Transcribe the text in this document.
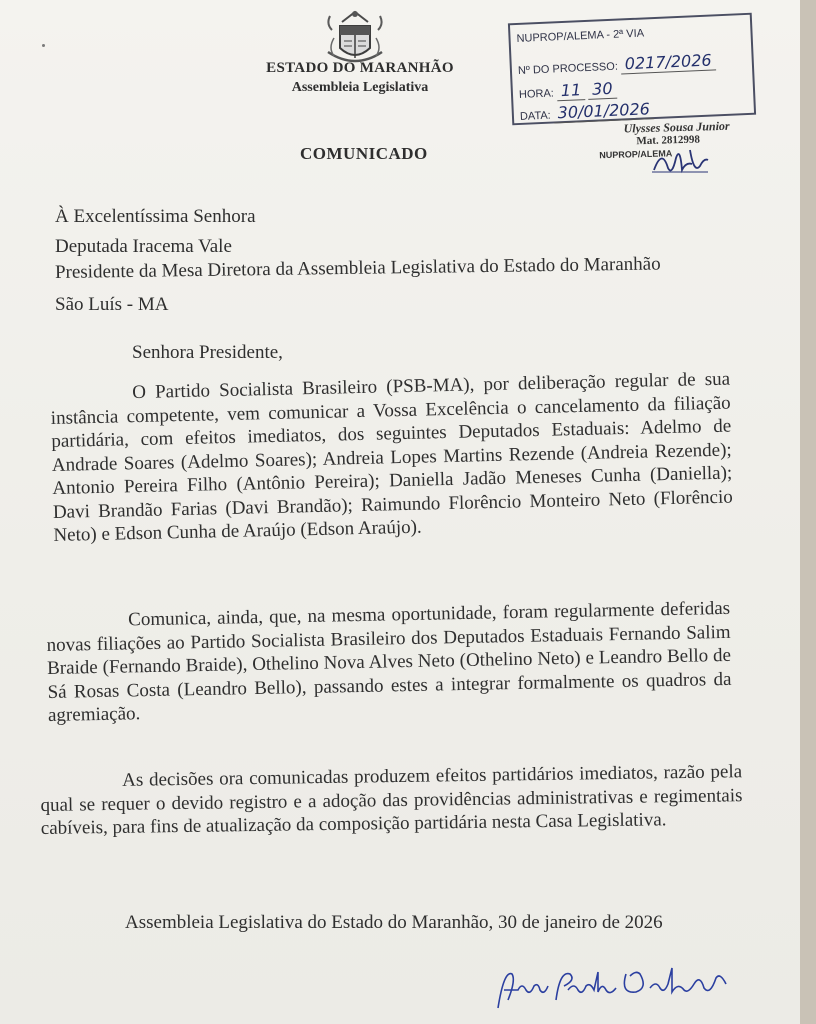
ESTADO DO MARANHÃO
Assembleia Legislativa
NUPROP/ALEMA - 2ª VIA
Nº DO PROCESSO: 0217/2026
HORA: 11 30
DATA: 30/01/2026
Ulysses Sousa Junior
Mat. 2812998
NUPROP/ALEMA
COMUNICADO
À Excelentíssima Senhora
Deputada Iracema Vale
Presidente da Mesa Diretora da Assembleia Legislativa do Estado do Maranhão
São Luís - MA
Senhora Presidente,

O Partido Socialista Brasileiro (PSB-MA), por deliberação regular de sua instância competente, vem comunicar a Vossa Excelência o cancelamento da filiação partidária, com efeitos imediatos, dos seguintes Deputados Estaduais: Adelmo de Andrade Soares (Adelmo Soares); Andreia Lopes Martins Rezende (Andreia Rezende); Antonio Pereira Filho (Antônio Pereira); Daniella Jadão Meneses Cunha (Daniella); Davi Brandão Farias (Davi Brandão); Raimundo Florêncio Monteiro Neto (Florêncio Neto) e Edson Cunha de Araújo (Edson Araújo).

Comunica, ainda, que, na mesma oportunidade, foram regularmente deferidas novas filiações ao Partido Socialista Brasileiro dos Deputados Estaduais Fernando Salim Braide (Fernando Braide), Othelino Nova Alves Neto (Othelino Neto) e Leandro Bello de Sá Rosas Costa (Leandro Bello), passando estes a integrar formalmente os quadros da agremiação.

As decisões ora comunicadas produzem efeitos partidários imediatos, razão pela qual se requer o devido registro e a adoção das providências administrativas e regimentais cabíveis, para fins de atualização da composição partidária nesta Casa Legislativa.

Assembleia Legislativa do Estado do Maranhão, 30 de janeiro de 2026
